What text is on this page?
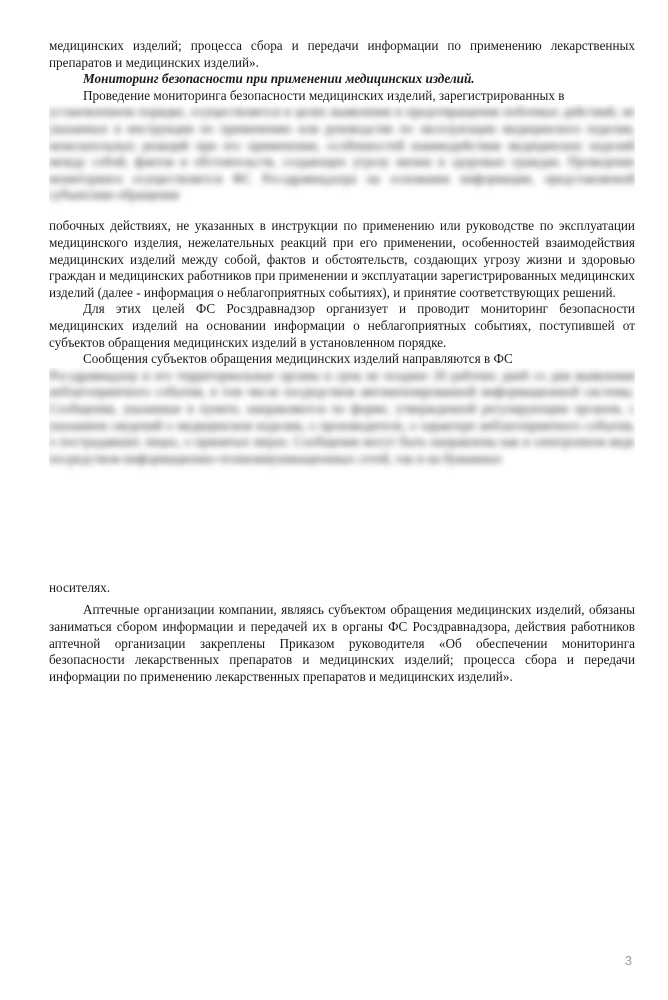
медицинских изделий; процесса сбора и передачи информации по применению лекарственных препаратов и медицинских изделий».

Мониторинг безопасности при применении медицинских изделий.

Проведение мониторинга безопасности медицинских изделий, зарегистрированных в

установленном порядке, осуществляется в целях выявления и предотвращения побочных действий, не указанных в инструкции по применению или руководстве по эксплуатации медицинского изделия, нежелательных реакций при его применении, особенностей взаимодействия медицинских изделий между собой, фактов и обстоятельств, создающих угрозу жизни и здоровью граждан. Проведение мониторинга осуществляется ФС Росздравнадзора на основании информации, представляемой субъектами обращения

побочных действиях, не указанных в инструкции по применению или руководстве по эксплуатации медицинского изделия, нежелательных реакций при его применении, особенностей взаимодействия медицинских изделий между собой, фактов и обстоятельств, создающих угрозу жизни и здоровью граждан и медицинских работников при применении и эксплуатации зарегистрированных медицинских изделий (далее - информация о неблагоприятных событиях), и принятие соответствующих решений.

Для этих целей ФС Росздравнадзор организует и проводит мониторинг безопасности медицинских изделий на основании информации о неблагоприятных событиях, поступившей от субъектов обращения медицинских изделий в установленном порядке.

Сообщения субъектов обращения медицинских изделий направляются в ФС

Росздравнадзор и его территориальные органы в срок не позднее 20 рабочих дней со дня выявления неблагоприятного события, в том числе посредством автоматизированной информационной системы. Сообщения, указанные в пункте, направляются по форме, утвержденной регулирующим органом, с указанием сведений о медицинском изделии, о производителе, о характере неблагоприятного события, о пострадавших лицах, о принятых мерах. Сообщения могут быть направлены как в электронном виде посредством информационно-телекоммуникационных сетей, так и на бумажных

носителях.

Аптечные организации компании, являясь субъектом обращения медицинских изделий, обязаны заниматься сбором информации и передачей их в органы ФС Росздравнадзора, действия работников аптечной организации закреплены Приказом руководителя «Об обеспечении мониторинга безопасности лекарственных препаратов и медицинских изделий; процесса сбора и передачи информации по применению лекарственных препаратов и медицинских изделий».

3
